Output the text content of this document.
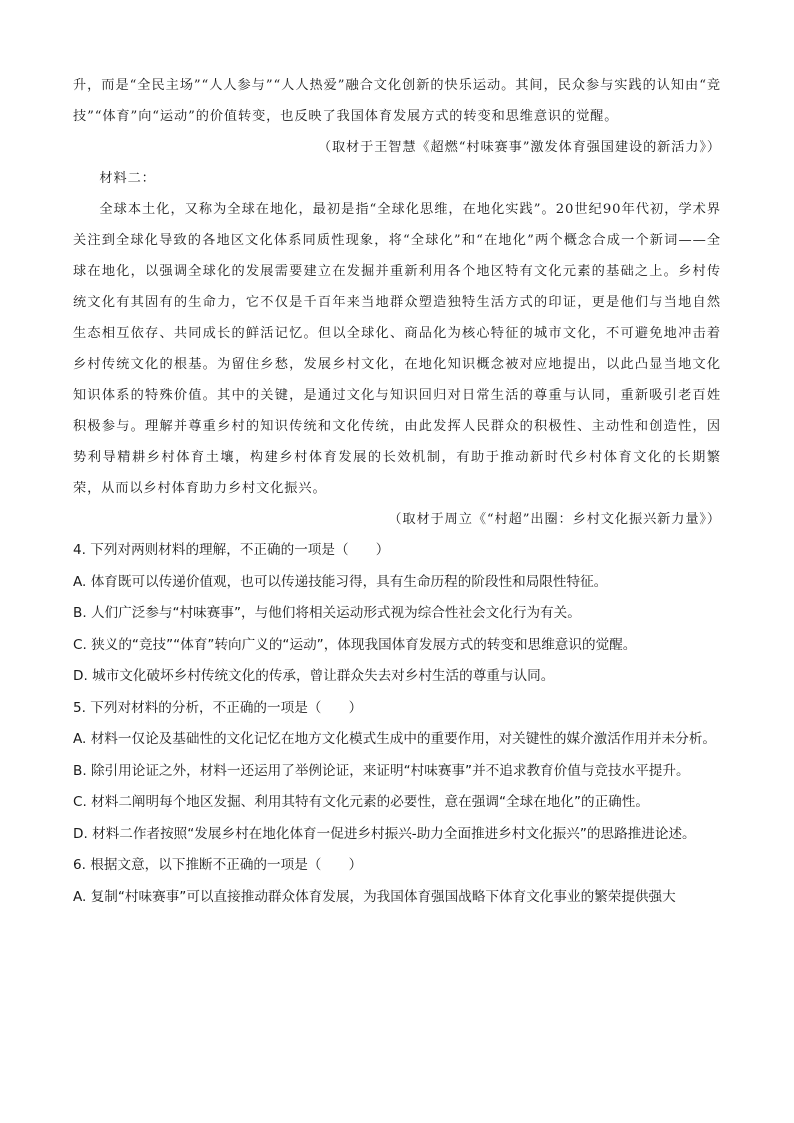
升，而是“全民主场”“人人参与”“人人热爱”融合文化创新的快乐运动。其间，民众参与实践的认知由“竞技”“体育”向“运动”的价值转变，也反映了我国体育发展方式的转变和思维意识的觉醒。

（取材于王智慧《超燃“村味赛事”激发体育强国建设的新活力》）

材料二：

全球本土化，又称为全球在地化，最初是指“全球化思维，在地化实践”。20世纪90年代初，学术界关注到全球化导致的各地区文化体系同质性现象，将“全球化”和“在地化”两个概念合成一个新词——全球在地化，以强调全球化的发展需要建立在发掘并重新利用各个地区特有文化元素的基础之上。乡村传统文化有其固有的生命力，它不仅是千百年来当地群众塑造独特生活方式的印证，更是他们与当地自然生态相互依存、共同成长的鲜活记忆。但以全球化、商品化为核心特征的城市文化，不可避免地冲击着乡村传统文化的根基。为留住乡愁，发展乡村文化，在地化知识概念被对应地提出，以此凸显当地文化知识体系的特殊价值。其中的关键，是通过文化与知识回归对日常生活的尊重与认同，重新吸引老百姓积极参与。理解并尊重乡村的知识传统和文化传统，由此发挥人民群众的积极性、主动性和创造性，因势利导精耕乡村体育土壤，构建乡村体育发展的长效机制，有助于推动新时代乡村体育文化的长期繁荣，从而以乡村体育助力乡村文化振兴。

（取材于周立《“村超”出圈：乡村文化振兴新力量》）

4. 下列对两则材料的理解，不正确的一项是（　　）

A. 体育既可以传递价值观，也可以传递技能习得，具有生命历程的阶段性和局限性特征。

B. 人们广泛参与“村味赛事”，与他们将相关运动形式视为综合性社会文化行为有关。

C. 狭义的“竞技”“体育”转向广义的“运动”，体现我国体育发展方式的转变和思维意识的觉醒。

D. 城市文化破坏乡村传统文化的传承，曾让群众失去对乡村生活的尊重与认同。

5. 下列对材料的分析，不正确的一项是（　　）

A. 材料一仅论及基础性的文化记忆在地方文化模式生成中的重要作用，对关键性的媒介激活作用并未分析。

B. 除引用论证之外，材料一还运用了举例论证，来证明“村味赛事”并不追求教育价值与竞技水平提升。

C. 材料二阐明每个地区发掘、利用其特有文化元素的必要性，意在强调“全球在地化”的正确性。

D. 材料二作者按照“发展乡村在地化体育一促进乡村振兴-助力全面推进乡村文化振兴”的思路推进论述。

6. 根据文意，以下推断不正确的一项是（　　）

A. 复制“村味赛事”可以直接推动群众体育发展，为我国体育强国战略下体育文化事业的繁荣提供强大
